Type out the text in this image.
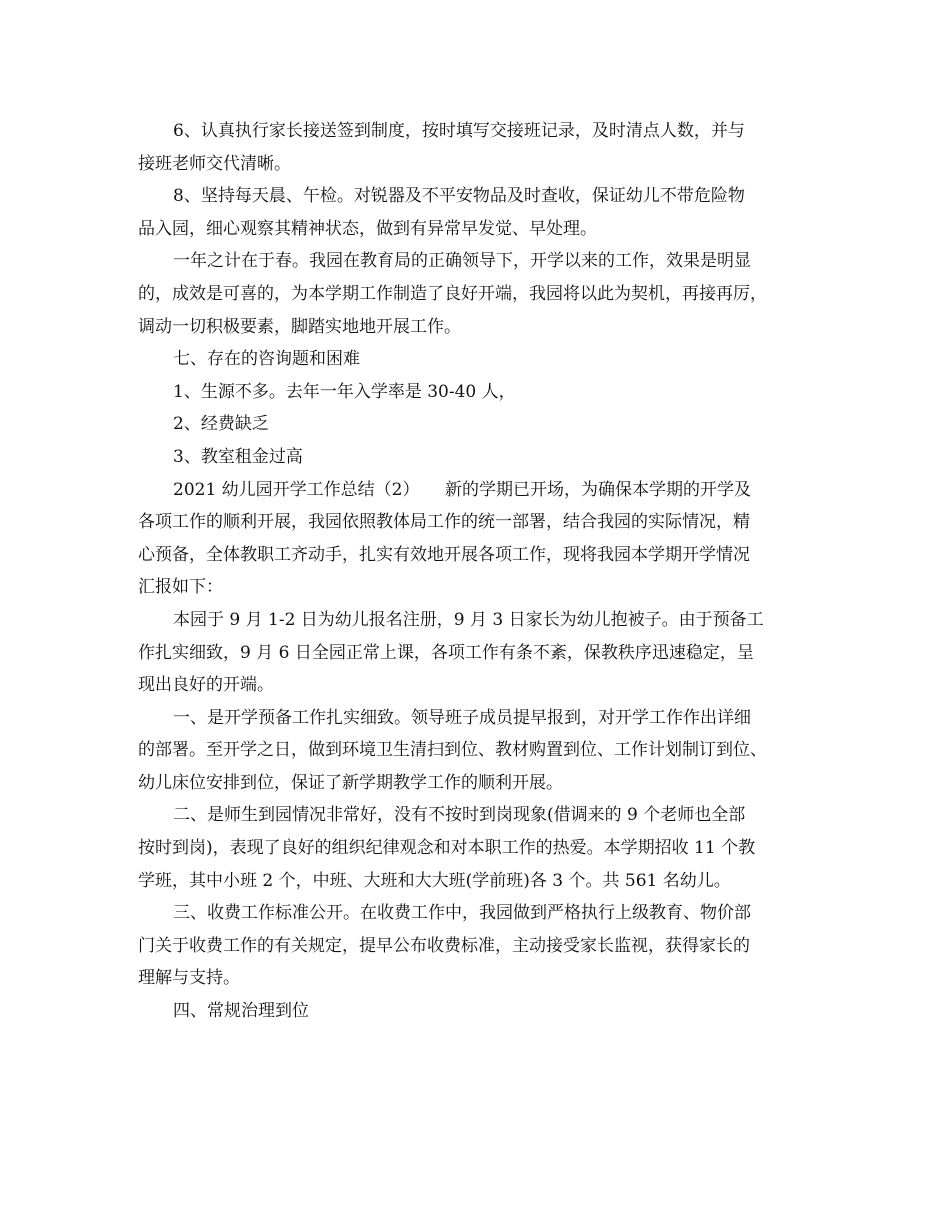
6、认真执行家长接送签到制度，按时填写交接班记录，及时清点人数，并与
接班老师交代清晰。
8、坚持每天晨、午检。对锐器及不平安物品及时查收，保证幼儿不带危险物
品入园，细心观察其精神状态，做到有异常早发觉、早处理。
一年之计在于春。我园在教育局的正确领导下，开学以来的工作，效果是明显
的，成效是可喜的，为本学期工作制造了良好开端，我园将以此为契机，再接再厉，
调动一切积极要素，脚踏实地地开展工作。
七、存在的咨询题和困难
1、生源不多。去年一年入学率是 30-40 人，
2、经费缺乏
3、教室租金过高
2021 幼儿园开学工作总结（2）　　新的学期已开场，为确保本学期的开学及
各项工作的顺利开展，我园依照教体局工作的统一部署，结合我园的实际情况，精
心预备，全体教职工齐动手，扎实有效地开展各项工作，现将我园本学期开学情况
汇报如下：
本园于 9 月 1-2 日为幼儿报名注册，9 月 3 日家长为幼儿抱被子。由于预备工
作扎实细致，9 月 6 日全园正常上课，各项工作有条不紊，保教秩序迅速稳定，呈
现出良好的开端。
一、是开学预备工作扎实细致。领导班子成员提早报到，对开学工作作出详细
的部署。至开学之日，做到环境卫生清扫到位、教材购置到位、工作计划制订到位、
幼儿床位安排到位，保证了新学期教学工作的顺利开展。
二、是师生到园情况非常好，没有不按时到岗现象(借调来的 9 个老师也全部
按时到岗)，表现了良好的组织纪律观念和对本职工作的热爱。本学期招收 11 个教
学班，其中小班 2 个，中班、大班和大大班(学前班)各 3 个。共 561 名幼儿。
三、收费工作标准公开。在收费工作中，我园做到严格执行上级教育、物价部
门关于收费工作的有关规定，提早公布收费标准，主动接受家长监视，获得家长的
理解与支持。
四、常规治理到位
